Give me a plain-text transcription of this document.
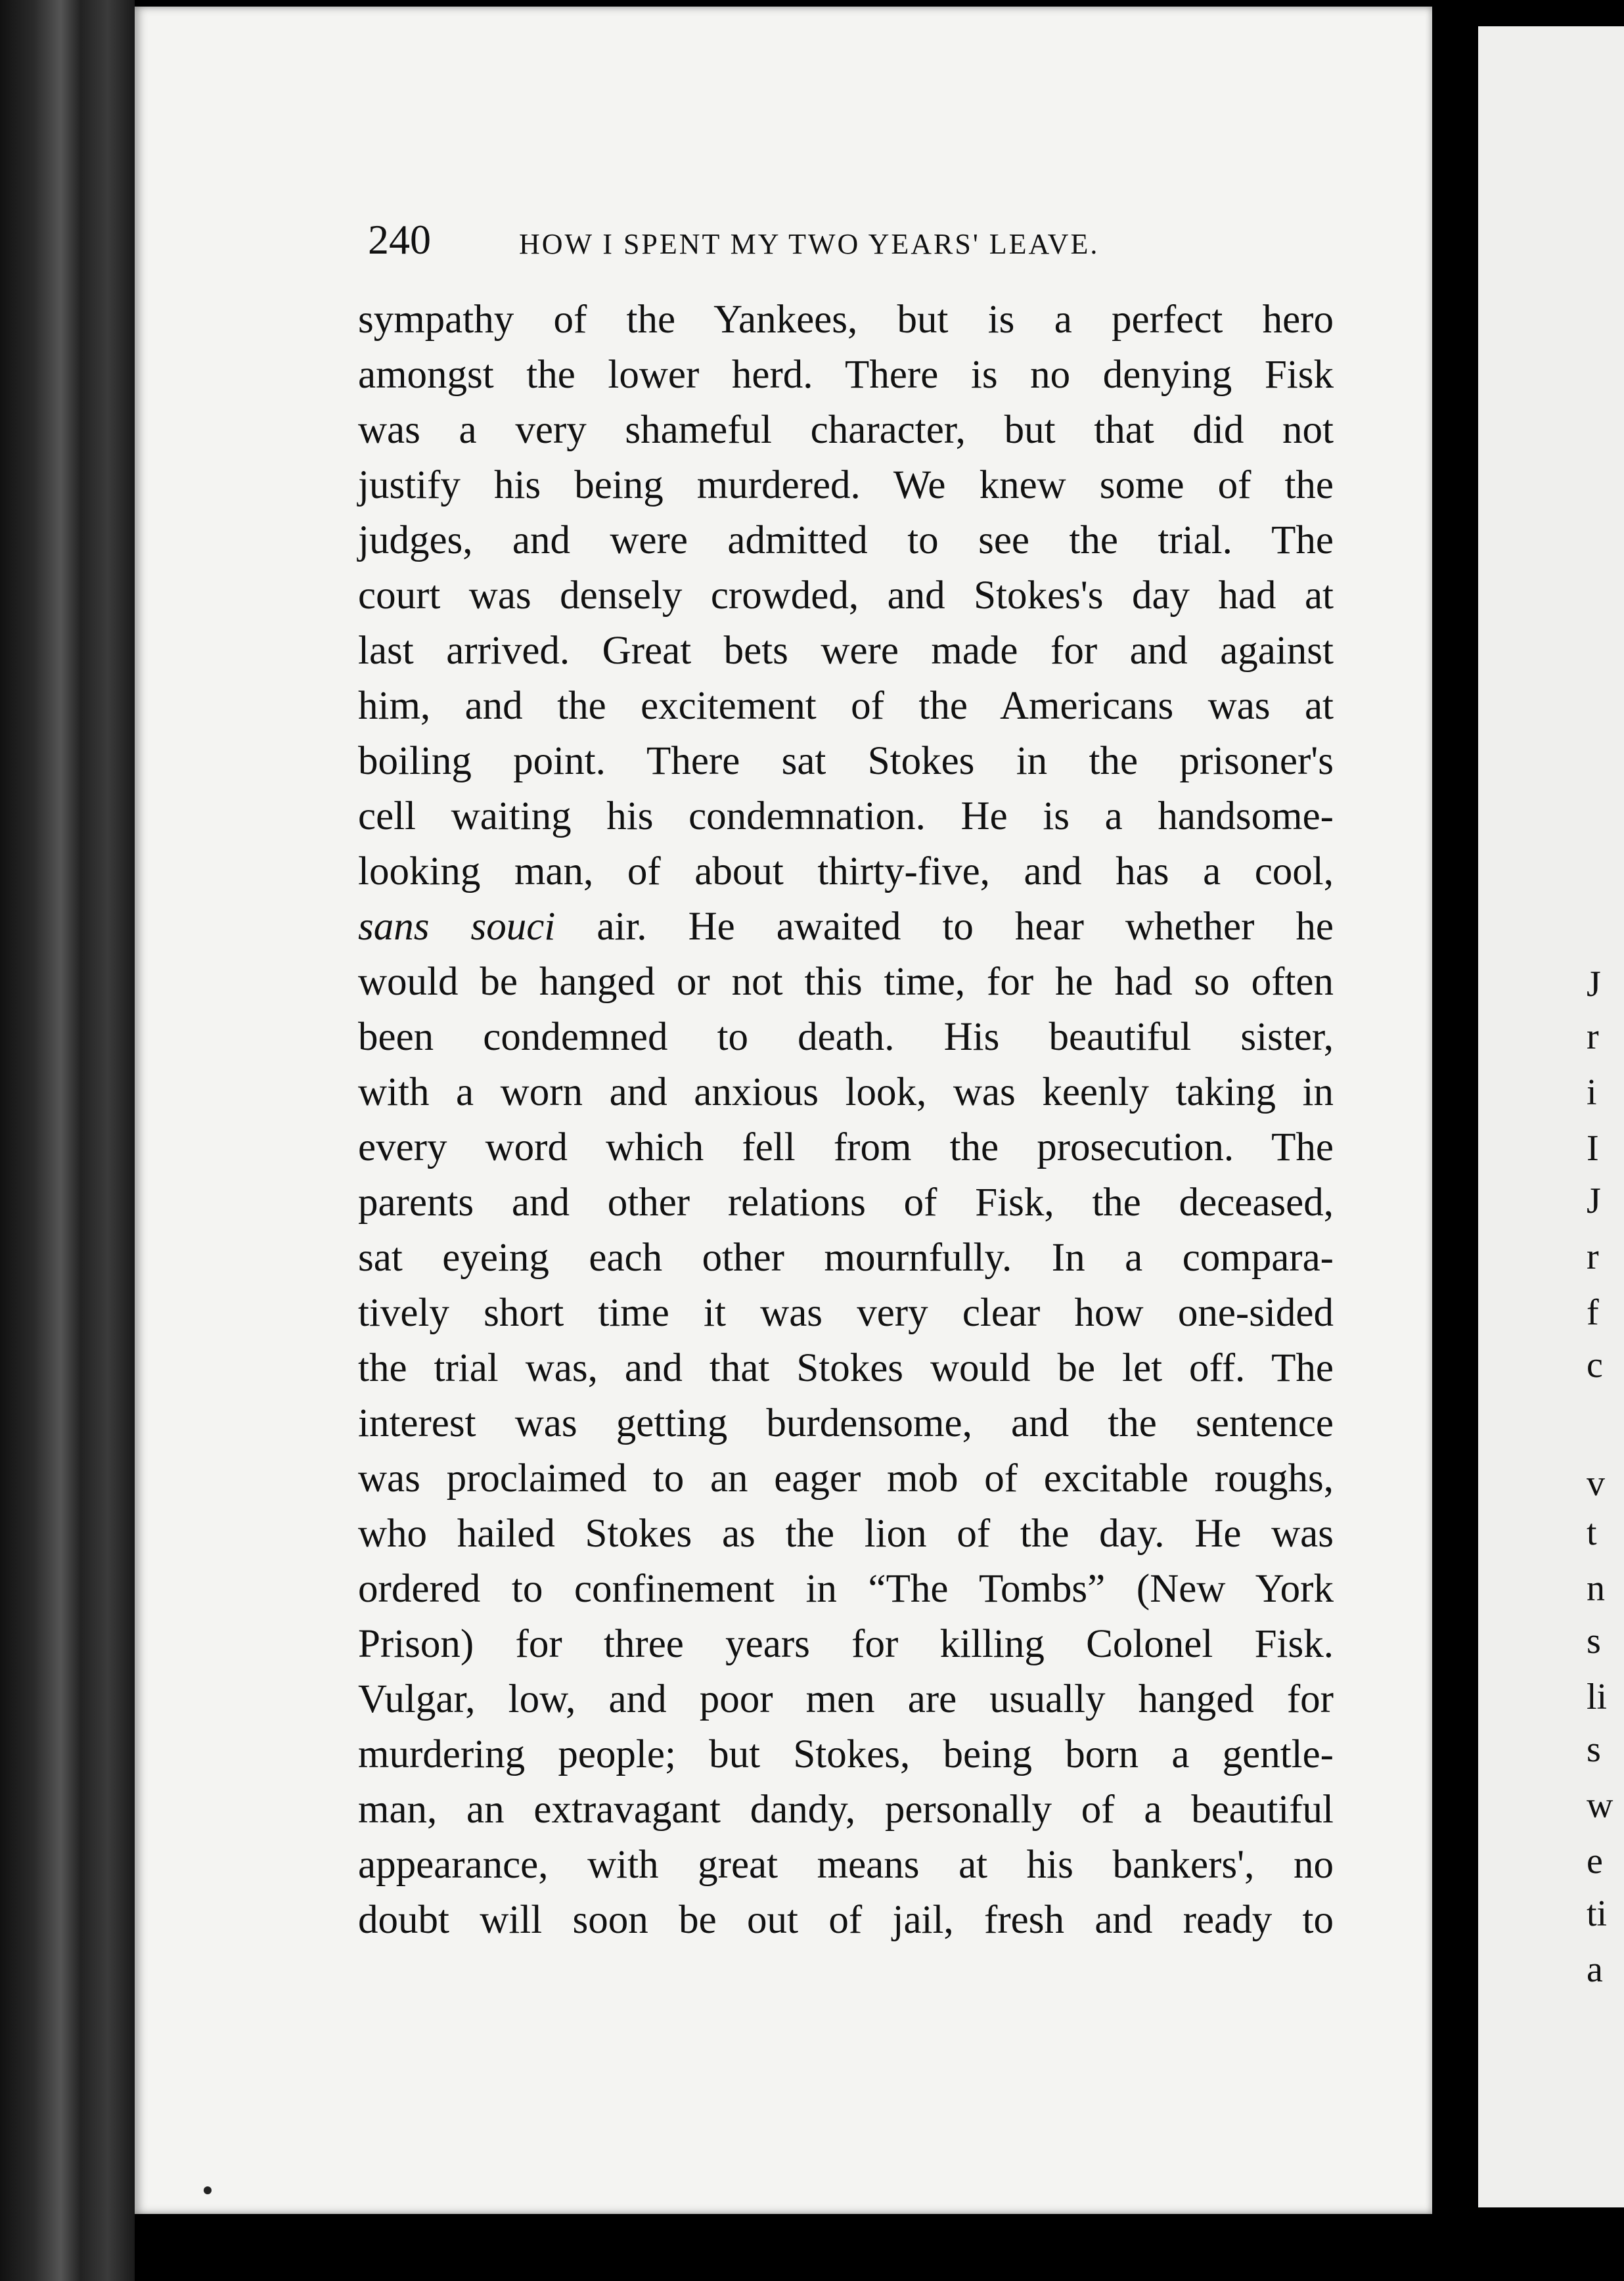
240	HOW I SPENT MY TWO YEARS' LEAVE.
sympathy of the Yankees, but is a perfect hero
amongst the lower herd. There is no denying Fisk
was a very shameful character, but that did not
justify his being murdered. We knew some of the
judges, and were admitted to see the trial. The
court was densely crowded, and Stokes's day had at
last arrived. Great bets were made for and against
him, and the excitement of the Americans was at
boiling point. There sat Stokes in the prisoner's
cell waiting his condemnation. He is a handsome-
looking man, of about thirty-five, and has a cool,
sans souci air. He awaited to hear whether he
would be hanged or not this time, for he had so often
been condemned to death. His beautiful sister,
with a worn and anxious look, was keenly taking in
every word which fell from the prosecution. The
parents and other relations of Fisk, the deceased,
sat eyeing each other mournfully. In a compara-
tively short time it was very clear how one-sided
the trial was, and that Stokes would be let off. The
interest was getting burdensome, and the sentence
was proclaimed to an eager mob of excitable roughs,
who hailed Stokes as the lion of the day. He was
ordered to confinement in “The Tombs” (New York
Prison) for three years for killing Colonel Fisk.
Vulgar, low, and poor men are usually hanged for
murdering people; but Stokes, being born a gentle-
man, an extravagant dandy, personally of a beautiful
appearance, with great means at his bankers', no
doubt will soon be out of jail, fresh and ready to
J
r
i
I
J
r
f
c
v
t
n
s
li
s
w
e
ti
a
